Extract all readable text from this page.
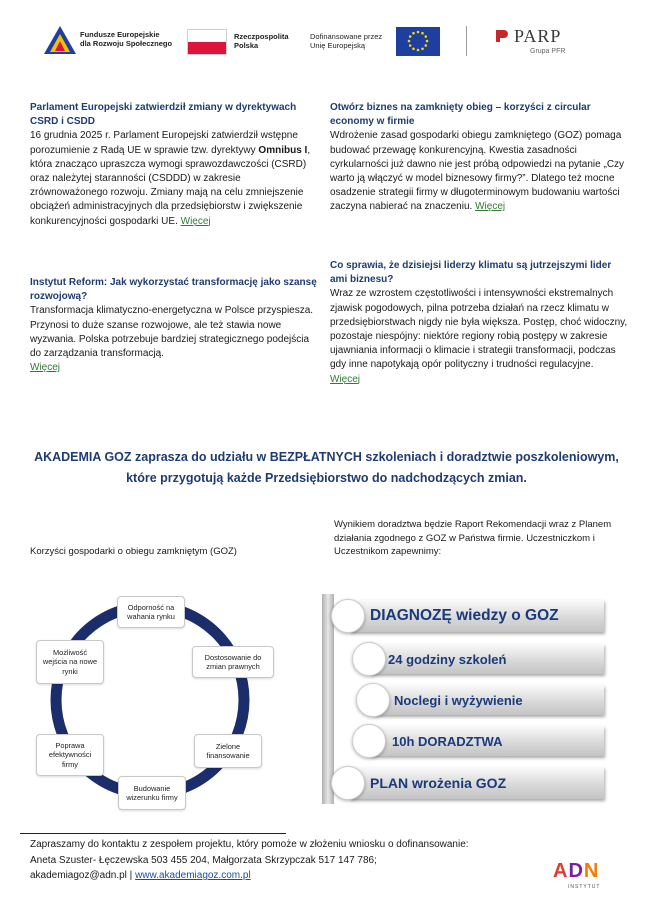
Fundusze Europejskie
dla Rozwoju Społecznego
Rzeczpospolita
Polska
Dofinansowane przez
Unię Europejską	PARP
Grupa PFR
Parlament Europejski zatwierdził zmiany w dyrektywach CSRD i CSDD

16 grudnia 2025 r. Parlament Europejski zatwierdził wstępne porozumienie z Radą UE w sprawie tzw. dyrektywy Omnibus I, która znacząco upraszcza wymogi sprawozdawczości (CSRD) oraz należytej staranności (CSDDD) w zakresie zrównoważonego rozwoju. Zmiany mają na celu zmniejszenie obciążeń administracyjnych dla przedsiębiorstw i zwiększenie konkurencyjności gospodarki UE. Więcej

Instytut Reform: Jak wykorzystać transformację jako szansę rozwojową?

Transformacja klimatyczno-energetyczna w Polsce przyspiesza. Przynosi to duże szanse rozwojowe, ale też stawia nowe wyzwania. Polska potrzebuje bardziej strategicznego podejścia do zarządzania transformacją.

Więcej
Otwórz biznes na zamknięty obieg – korzyści z circular economy w firmie

Wdrożenie zasad gospodarki obiegu zamkniętego (GOZ) pomaga budować przewagę konkurencyjną. Kwestia zasadności cyrkularności już dawno nie jest próbą odpowiedzi na pytanie „Czy warto ją włączyć w model biznesowy firmy?”. Dlatego też mocne osadzenie strategii firmy w długoterminowym budowaniu wartości zaczyna nabierać na znaczeniu. Więcej

Co sprawia, że dzisiejsi liderzy klimatu są jutrzejszymi lider ami biznesu?

Wraz ze wzrostem częstotliwości i intensywności ekstremalnych zjawisk pogodowych, pilna potrzeba działań na rzecz klimatu w przedsiębiorstwach nigdy nie była większa. Postęp, choć widoczny, pozostaje niespójny: niektóre regiony robią postępy w zakresie ujawniania informacji o klimacie i strategii transformacji, podczas gdy inne napotykają opór polityczny i trudności regulacyjne.

Więcej
AKADEMIA GOZ zaprasza do udziału w BEZPŁATNYCH szkoleniach i doradztwie poszkoleniowym, które przygotują każde Przedsiębiorstwo do nadchodzących zmian.
Korzyści gospodarki o obiegu zamkniętym (GOZ)
Odporność na wahania rynku
Dostosowanie do zmian prawnych
Zielone finansowanie
Budowanie wizerunku firmy
Poprawa efektywności firmy
Możliwość wejścia na nowe rynki
Wynikiem doradztwa będzie Raport Rekomendacji wraz z Planem działania zgodnego z GOZ w Państwa firmie. Uczestniczkom i Uczestnikom zapewnimy:
DIAGNOZĘ wiedzy o GOZ
24 godziny szkoleń
Noclegi i wyżywienie
10h DORADZTWA
PLAN wrożenia GOZ
Zapraszamy do kontaktu z zespołem projektu, który pomoże w złożeniu wniosku o dofinansowanie:
Aneta Szuster- Łęczewska 503 455 204, Małgorzata Skrzypczak 517 147 786;
akademiagoz@adn.pl | www.akademiagoz.com.pl	ADN
INSTYTUT
